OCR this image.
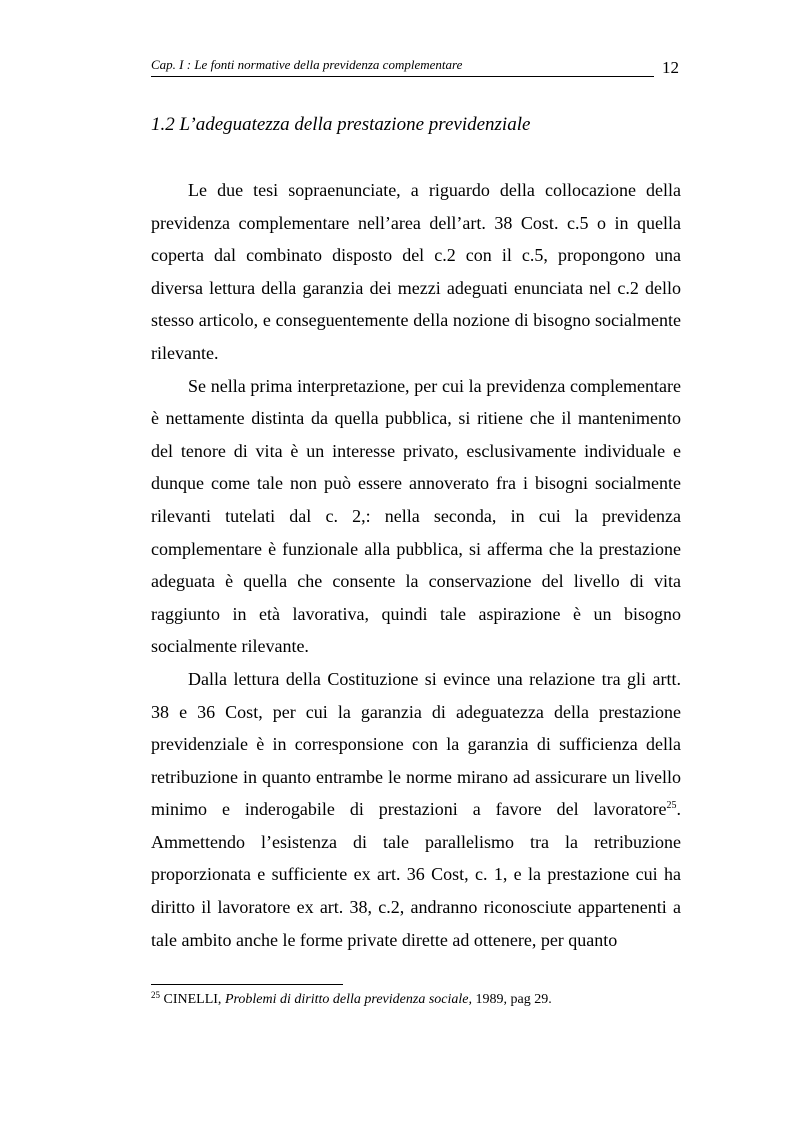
Cap. I : Le fonti normative della previdenza complementare	12
1.2 L’adeguatezza della prestazione previdenziale

Le due tesi sopraenunciate, a riguardo della collocazione della previdenza complementare nell’area dell’art. 38 Cost. c.5 o in quella coperta dal combinato disposto del c.2 con il c.5, propongono una diversa lettura della garanzia dei mezzi adeguati enunciata nel c.2 dello stesso articolo, e conseguentemente della nozione di bisogno socialmente rilevante.

Se nella prima interpretazione, per cui la previdenza complementare è nettamente distinta da quella pubblica, si ritiene che il mantenimento del tenore di vita è un interesse privato, esclusivamente individuale e dunque come tale non può essere annoverato fra i bisogni socialmente rilevanti tutelati dal c. 2,: nella seconda, in cui la previdenza complementare è funzionale alla pubblica, si afferma che la prestazione adeguata è quella che consente la conservazione del livello di vita raggiunto in età lavorativa, quindi tale aspirazione è un bisogno socialmente rilevante.

Dalla lettura della Costituzione si evince una relazione tra gli artt. 38 e 36 Cost, per cui la garanzia di adeguatezza della prestazione previdenziale è in corresponsione con la garanzia di sufficienza della retribuzione in quanto entrambe le norme mirano ad assicurare un livello minimo e inderogabile di prestazioni a favore del lavoratore$^{25}$. Ammettendo l’esistenza di tale parallelismo tra la retribuzione proporzionata e sufficiente ex art. 36 Cost, c. 1, e la prestazione cui ha diritto il lavoratore ex art. 38, c.2, andranno riconosciute appartenenti a tale ambito anche le forme private dirette ad ottenere, per quanto

$^{25}$ CINELLI, Problemi di diritto della previdenza sociale, 1989, pag 29.
